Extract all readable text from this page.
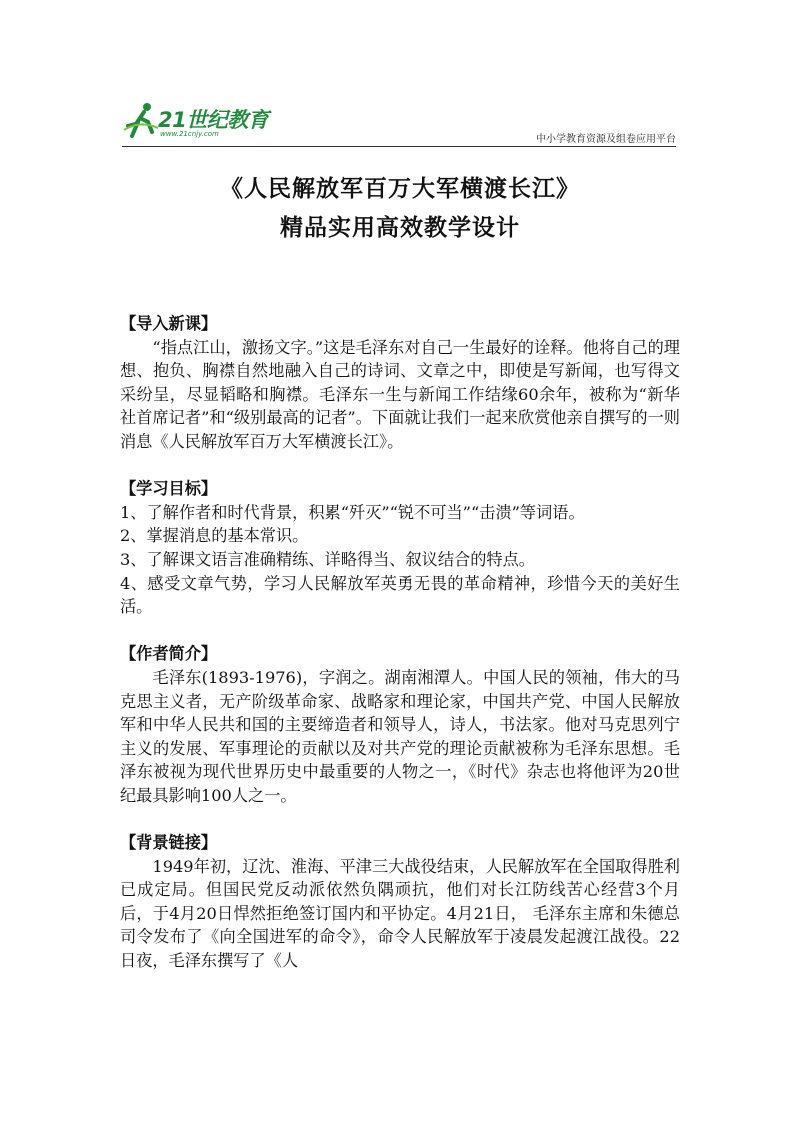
21世纪教育
www.21cnjy.com	中小学教育资源及组卷应用平台
《人民解放军百万大军横渡长江》
精品实用高效教学设计

【导入新课】

“指点江山，激扬文字。”这是毛泽东对自己一生最好的诠释。他将自己的理想、抱负、胸襟自然地融入自己的诗词、文章之中，即使是写新闻，也写得文采纷呈，尽显韬略和胸襟。毛泽东一生与新闻工作结缘60余年，被称为“新华社首席记者”和“级别最高的记者”。下面就让我们一起来欣赏他亲自撰写的一则消息《人民解放军百万大军横渡长江》。

【学习目标】

1、了解作者和时代背景，积累“歼灭”“锐不可当”“击溃”等词语。

2、掌握消息的基本常识。

3、了解课文语言准确精练、详略得当、叙议结合的特点。

4、感受文章气势，学习人民解放军英勇无畏的革命精神，珍惜今天的美好生活。

【作者简介】

毛泽东(1893-1976)，字润之。湖南湘潭人。中国人民的领袖，伟大的马克思主义者，无产阶级革命家、战略家和理论家，中国共产党、中国人民解放军和中华人民共和国的主要缔造者和领导人，诗人，书法家。他对马克思列宁主义的发展、军事理论的贡献以及对共产党的理论贡献被称为毛泽东思想。毛泽东被视为现代世界历史中最重要的人物之一，《时代》杂志也将他评为20世纪最具影响100人之一。

【背景链接】

1949年初，辽沈、淮海、平津三大战役结束，人民解放军在全国取得胜利已成定局。但国民党反动派依然负隅顽抗，他们对长江防线苦心经营3个月后，于4月20日悍然拒绝签订国内和平协定。4月21日， 毛泽东主席和朱德总司令发布了《向全国进军的命令》，命令人民解放军于凌晨发起渡江战役。22日夜，毛泽东撰写了《人
